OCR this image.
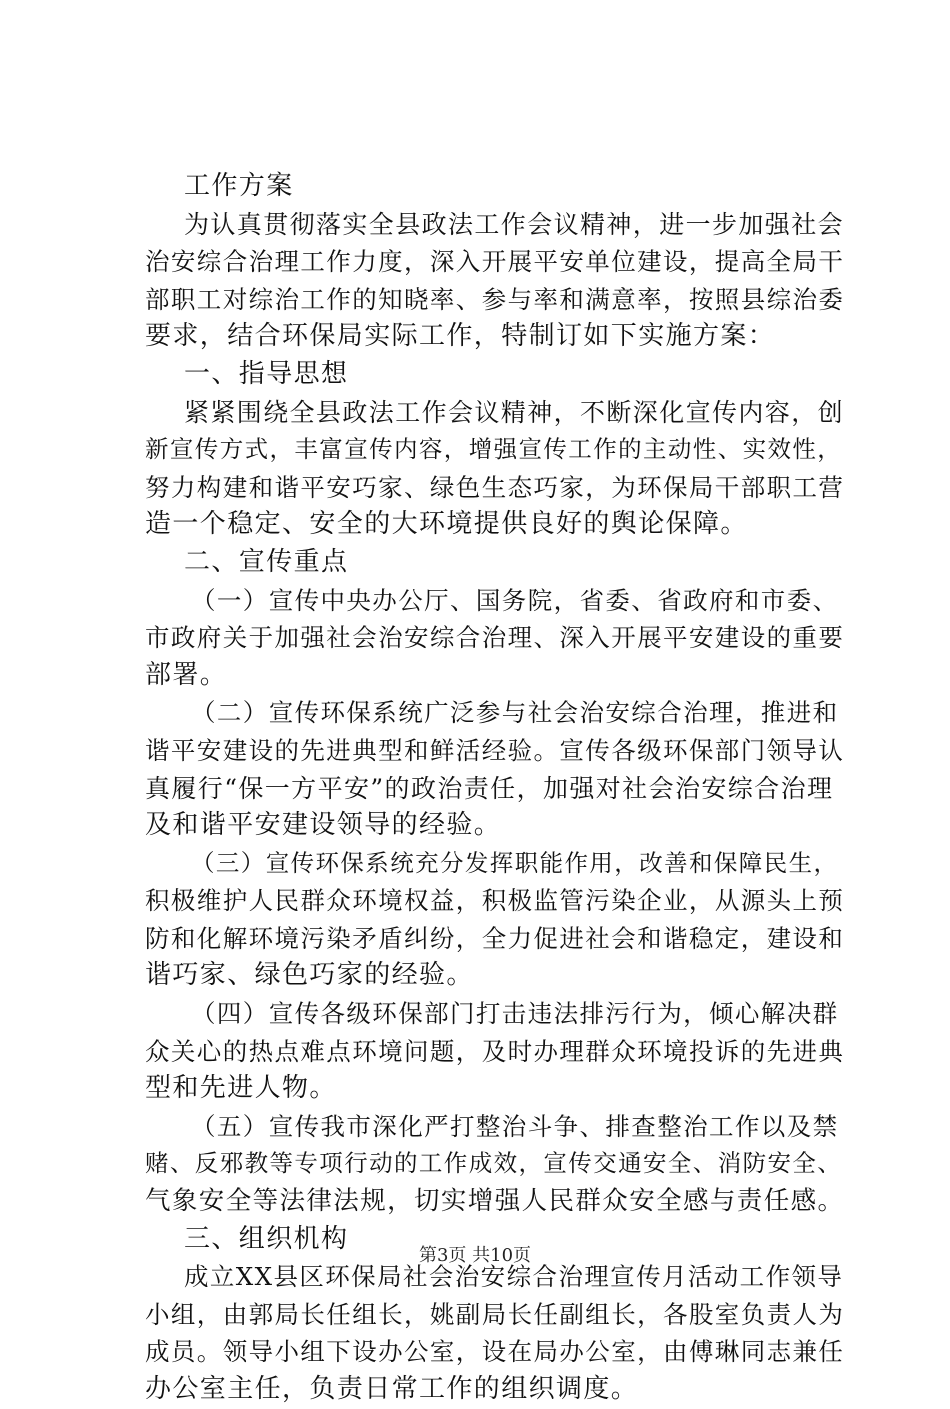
工作方案
为认真贯彻落实全县政法工作会议精神，进一步加强社会
治安综合治理工作力度，深入开展平安单位建设，提高全局干
部职工对综治工作的知晓率、参与率和满意率，按照县综治委
要求，结合环保局实际工作，特制订如下实施方案：
一、指导思想
紧紧围绕全县政法工作会议精神，不断深化宣传内容，创
新宣传方式，丰富宣传内容，增强宣传工作的主动性、实效性，
努力构建和谐平安巧家、绿色生态巧家，为环保局干部职工营
造一个稳定、安全的大环境提供良好的舆论保障。
二、宣传重点
（一）宣传中央办公厅、国务院，省委、省政府和市委、
市政府关于加强社会治安综合治理、深入开展平安建设的重要
部署。
（二）宣传环保系统广泛参与社会治安综合治理，推进和
谐平安建设的先进典型和鲜活经验。宣传各级环保部门领导认
真履行“保一方平安”的政治责任，加强对社会治安综合治理
及和谐平安建设领导的经验。
（三）宣传环保系统充分发挥职能作用，改善和保障民生，
积极维护人民群众环境权益，积极监管污染企业，从源头上预
防和化解环境污染矛盾纠纷，全力促进社会和谐稳定，建设和
谐巧家、绿色巧家的经验。
（四）宣传各级环保部门打击违法排污行为，倾心解决群
众关心的热点难点环境问题，及时办理群众环境投诉的先进典
型和先进人物。
（五）宣传我市深化严打整治斗争、排查整治工作以及禁
赌、反邪教等专项行动的工作成效，宣传交通安全、消防安全、
气象安全等法律法规，切实增强人民群众安全感与责任感。
三、组织机构
成立XX县区环保局社会治安综合治理宣传月活动工作领导
小组，由郭局长任组长，姚副局长任副组长，各股室负责人为
成员。领导小组下设办公室，设在局办公室，由傅琳同志兼任
办公室主任，负责日常工作的组织调度。
第3页 共10页
